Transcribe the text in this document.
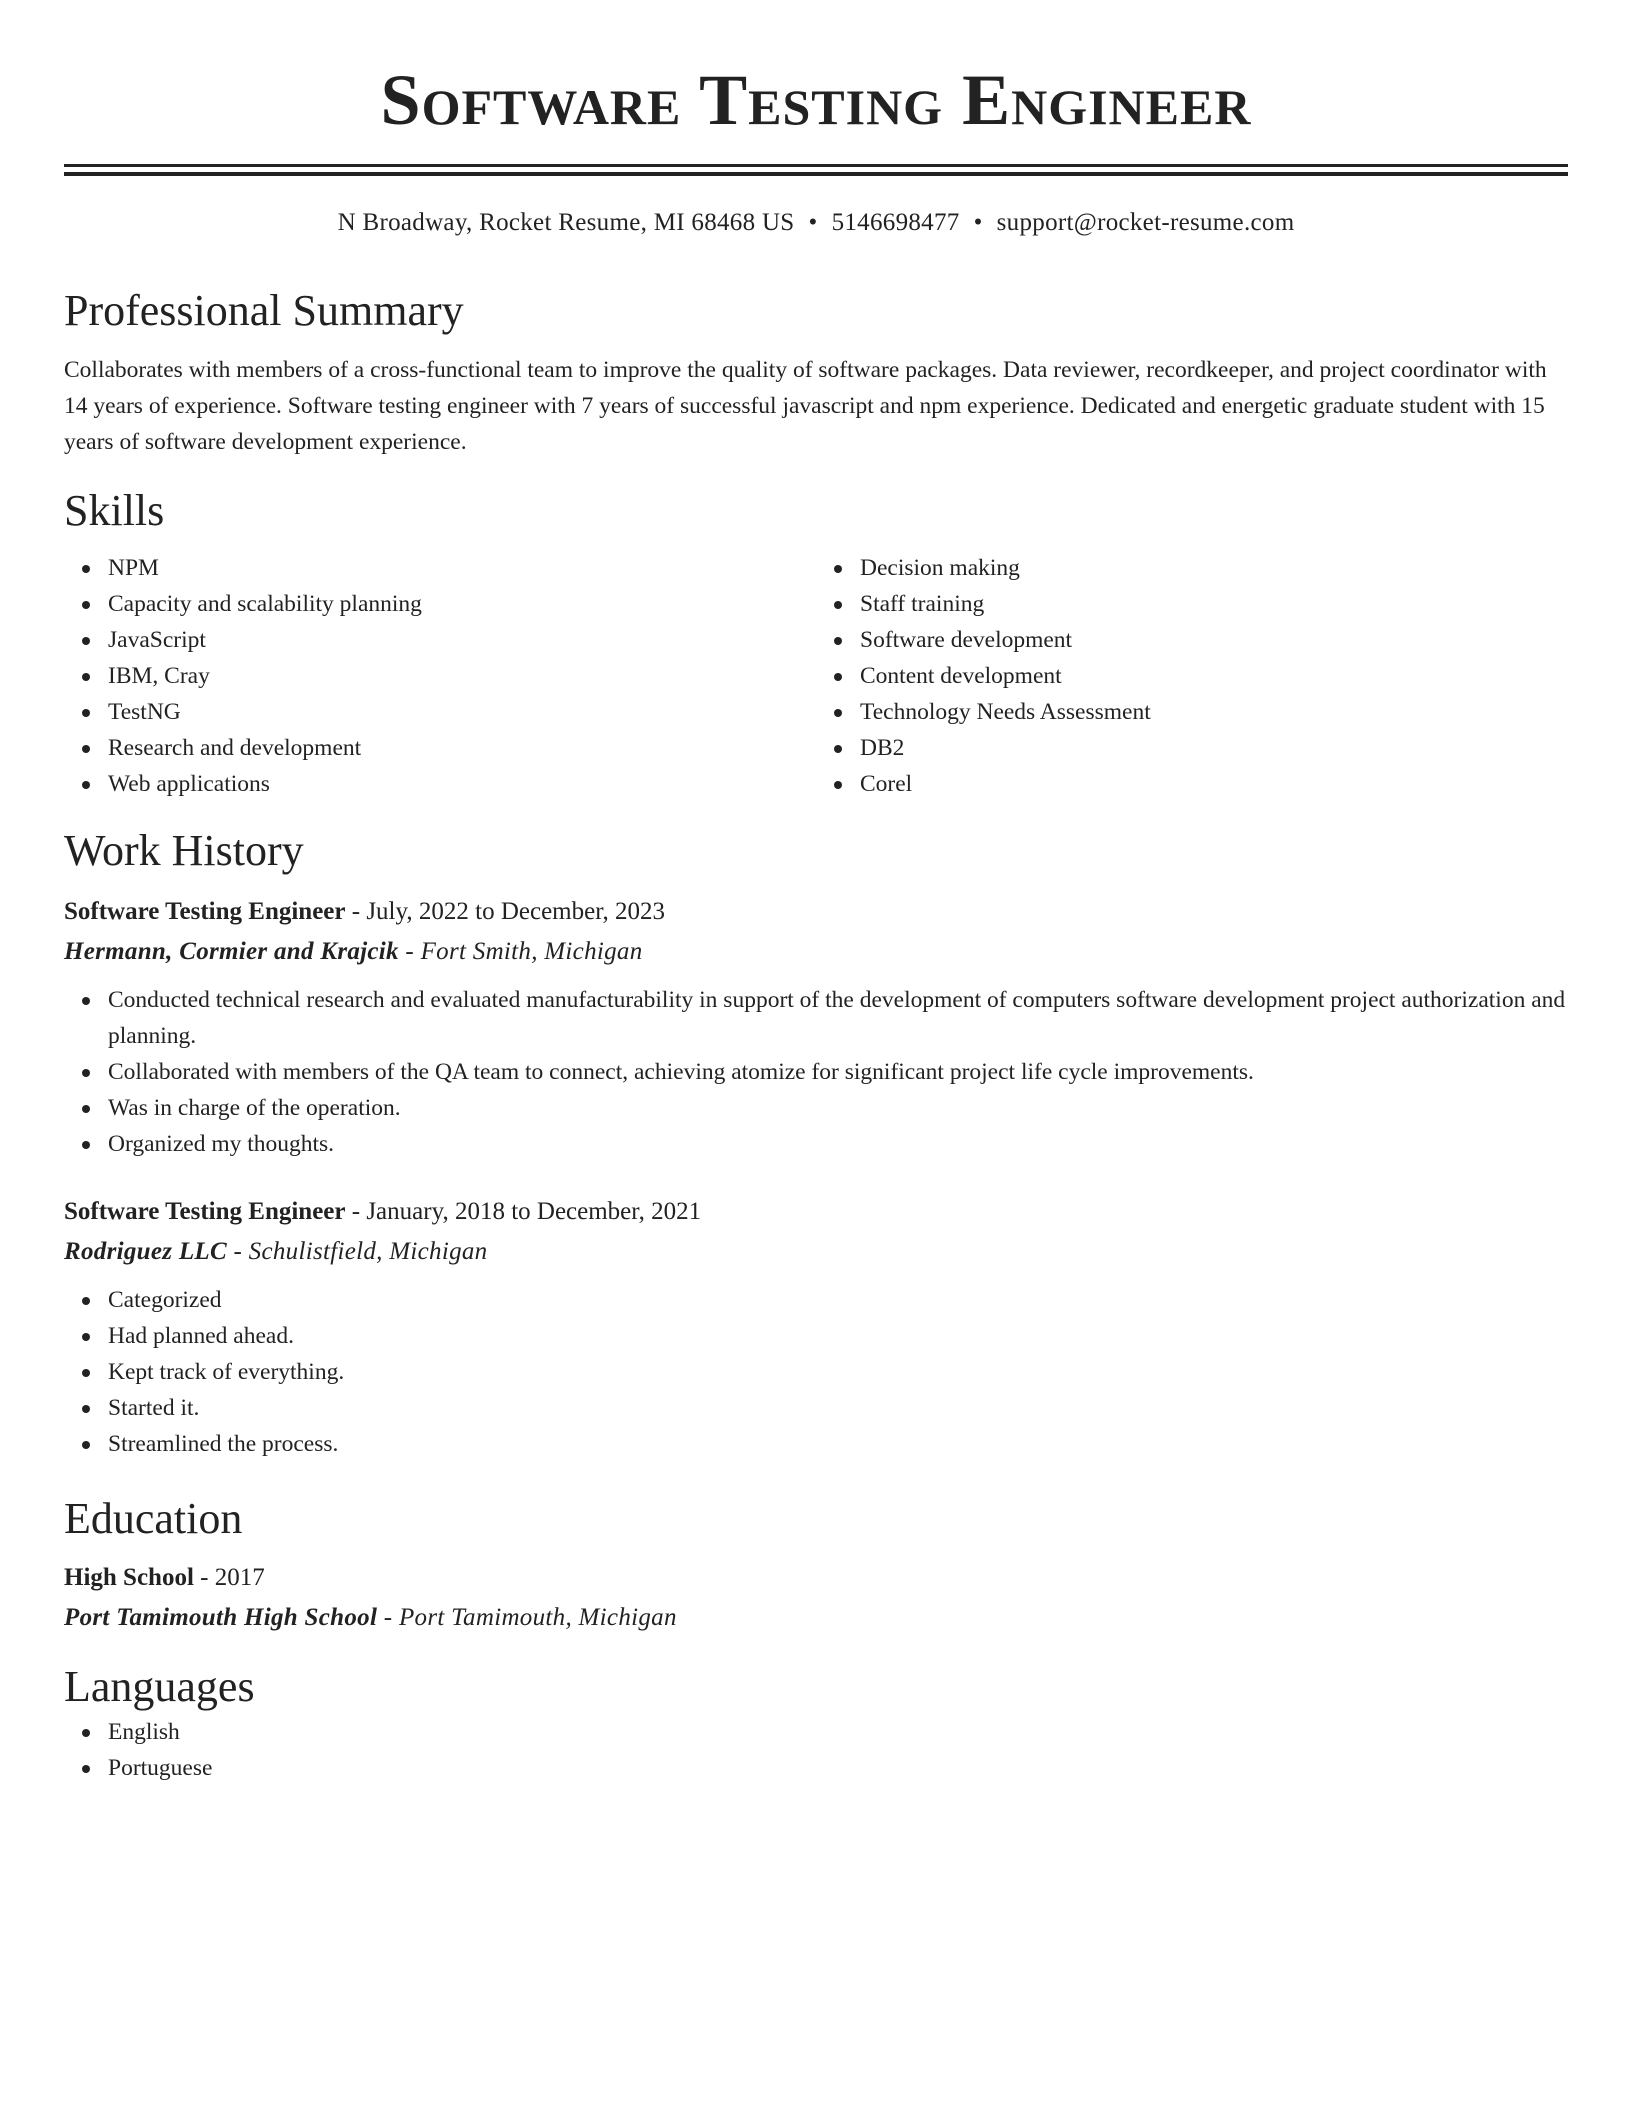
Software Testing Engineer
N Broadway, Rocket Resume, MI 68468 US • 5146698477 • support@rocket-resume.com
Professional Summary

Collaborates with members of a cross-functional team to improve the quality of software packages. Data reviewer, recordkeeper, and project coordinator with 14 years of experience. Software testing engineer with 7 years of successful javascript and npm experience. Dedicated and energetic graduate student with 15 years of software development experience.

Skills
NPM
Capacity and scalability planning
JavaScript
IBM, Cray
TestNG
Research and development
Web applications
Decision making
Staff training
Software development
Content development
Technology Needs Assessment
DB2
Corel
Work History
Software Testing Engineer - July, 2022 to December, 2023
Hermann, Cormier and Krajcik - Fort Smith, Michigan
Conducted technical research and evaluated manufacturability in support of the development of computers software development project authorization and planning.
Collaborated with members of the QA team to connect, achieving atomize for significant project life cycle improvements.
Was in charge of the operation.
Organized my thoughts.
Software Testing Engineer - January, 2018 to December, 2021
Rodriguez LLC - Schulistfield, Michigan
Categorized
Had planned ahead.
Kept track of everything.
Started it.
Streamlined the process.
Education
High School - 2017
Port Tamimouth High School - Port Tamimouth, Michigan
Languages
English
Portuguese
